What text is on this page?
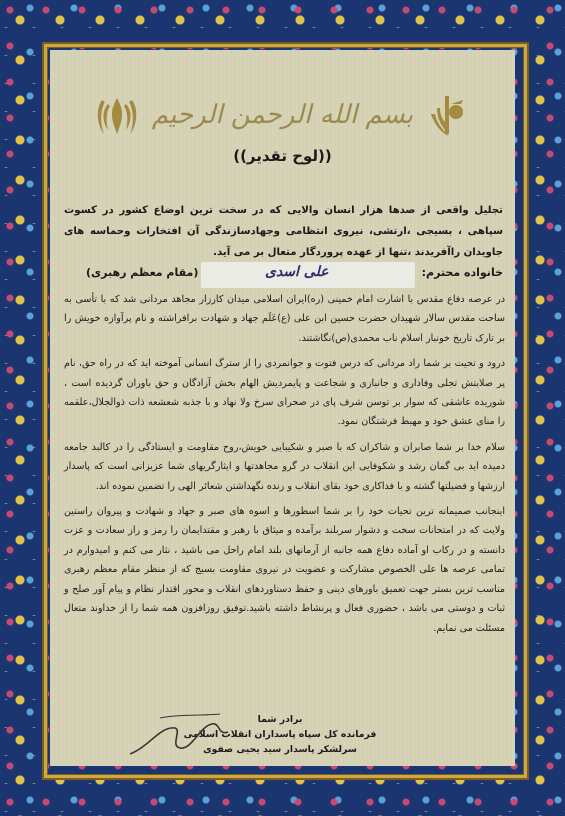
بسم الله الرحمن الرحیم
((لوح تقدیر))
تجلیل واقعی از صدها هزار انسان والایی که در سخت ترین اوضاع کشور در کسوت سپاهی ، بسیجی ،ارتشی، نیروی انتظامی وجهادسازندگی آن افتخارات وحماسه های جاویدان راآفریدند ،تنها از عهده پروردگار متعال بر می آید.
خانواده محترم:
علی اسدی
(مقام معظم رهبری)

در عرصه دفاع مقدس با اشارت امام خمینی (ره)ایران اسلامی میدان کارزار مجاهد مردانی شد که با تأسی به ساحت مقدس سالار شهیدان حضرت حسین ابن علی (ع)عَلَم جهاد و شهادت برافراشته و نام پرآوازه خویش را بر تارک تاریخ خونبار اسلام ناب محمدی(ص)نگاشتند.

درود و تحیت بر شما راد مردانی که درس فتوت و جوانمردی را از سترگ انسانی آموخته اید که در راه حق، نام پر صلابتش تجلی وفاداری و جانبازی و شجاعت و پایمردیش الهام بخش آزادگان و حق باوران گردیده است ، شوریده عاشقی که سوار بر توسن شرف پای در صحرای سرخ ولا نهاد و با جذبه شعشعه ذات ذوالجلال،علقمه را منای عشق خود و مهبط فرشتگان نمود.

سلام خدا بر شما صابران و شاکران که با صبر و شکیبایی خویش،روح مقاومت و ایستادگی را در کالبد جامعه دمیده اید بی گمان رشد و شکوفایی این انقلاب در گرو مجاهدتها و ایثارگریهای شما عزیزانی است که پاسدار ارزشها و فضیلتها گشته و با فداکاری خود بقای انقلاب و زنده نگهداشتن شعائر الهی را تضمین نموده اند.

اینجانب صمیمانه ترین تحیات خود را بر شما اسطورها و اسوه های صبر و جهاد و شهادت و پیروان راستین ولایت که در امتحانات سخت و دشوار سربلند برآمده و میثاق با رهبر و مقتدایمان را رمز و راز سعادت و عزت دانسته و در رکاب او آماده دفاع همه جانبه از آرمانهای بلند امام راحل می باشید ، نثار می کنم و امیدوارم در تمامی عرصه ها علی الخصوص مشارکت و عضویت در نیروی مقاومت بسیج که از منظر مقام معظم رهبری مناسب ترین بستر جهت تعمیق باورهای دینی و حفظ دستاوردهای انقلاب و محور اقتدار نظام و پیام آور صلح و ثبات و دوستی می باشد ، حضوری فعال و پرنشاط داشته باشید.توفیق روزافزون همه شما را از خداوند متعال مسئلت می نمایم.

برادر شما
فرمانده کل سپاه پاسداران انقلاب اسلامی
سرلشکر پاسدار سید یحیی صفوی
